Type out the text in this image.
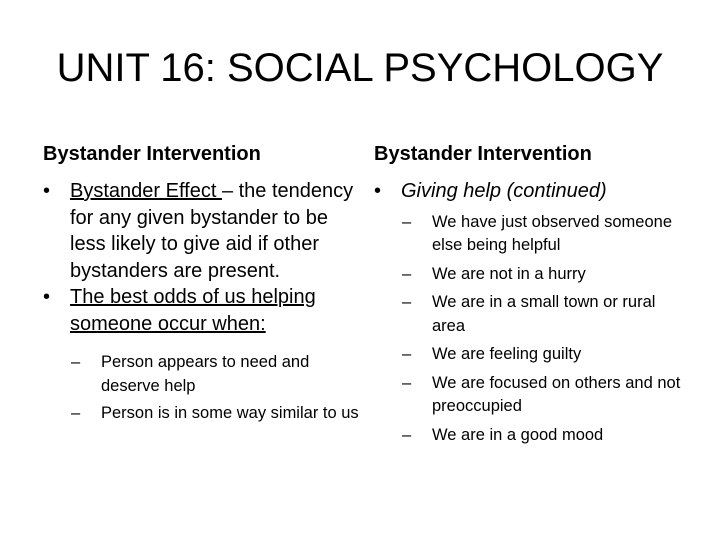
UNIT 16: SOCIAL PSYCHOLOGY

Bystander Intervention

• Bystander Effect – the tendency for any given bystander to be less likely to give aid if other bystanders are present.
• The best odds of us helping someone occur when:
–	Person appears to need and deserve help
–	Person is in some way similar to us

Bystander Intervention

• Giving help (continued)
–	We have just observed someone else being helpful
–	We are not in a hurry
–	We are in a small town or rural area
–	We are feeling guilty
–	We are focused on others and not preoccupied
–	We are in a good mood
